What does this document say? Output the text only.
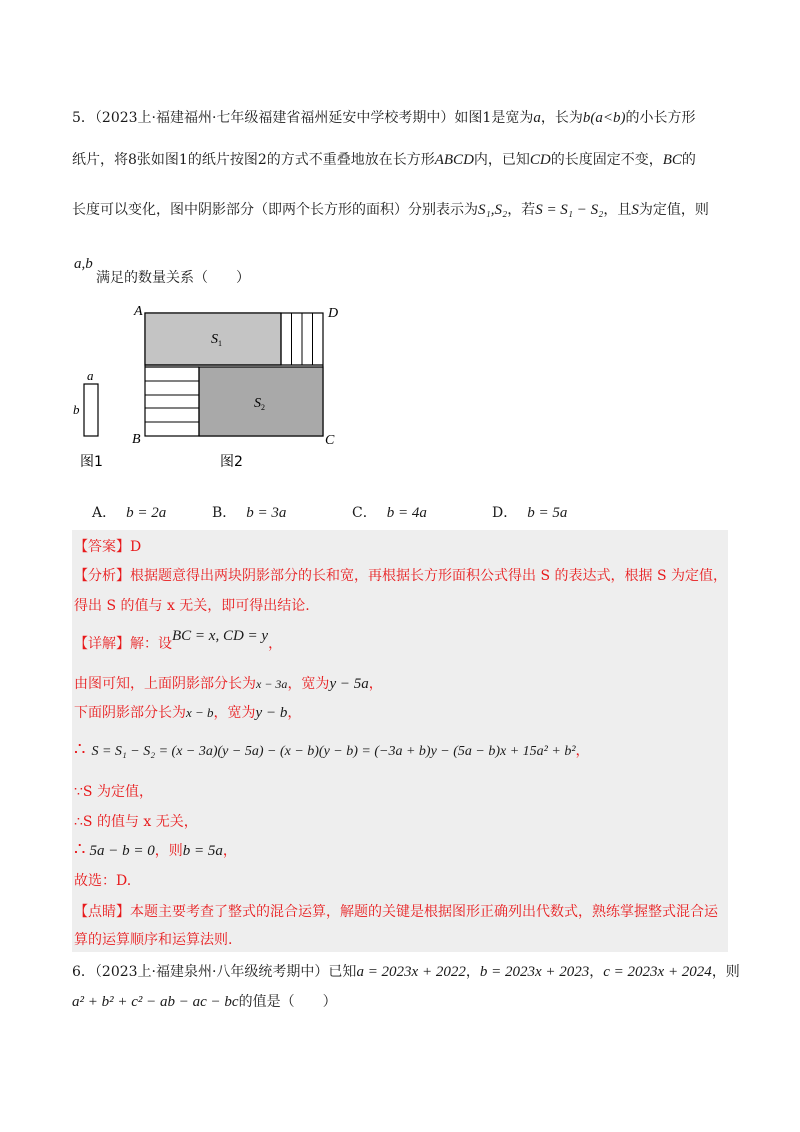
5．（2023上·福建福州·七年级福建省福州延安中学校考期中）如图1是宽为a，长为b(a<b)的小长方形
纸片，将8张如图1的纸片按图2的方式不重叠地放在长方形ABCD内，已知CD的长度固定不变，BC的
长度可以变化，图中阴影部分（即两个长方形的面积）分别表示为S₁,S₂，若S = S₁ − S₂，且S为定值，则
a,b
满足的数量关系（　　）
a
b
图1
$S_1$
$S_2$
A	D
B	C
图2
A． b = 2a	B． b = 3a	C． b = 4a	D． b = 5a
【答案】D
【分析】根据题意得出两块阴影部分的长和宽，再根据长方形面积公式得出 S 的表达式，根据 S 为定值，
得出 S 的值与 x 无关，即可得出结论.
【详解】解：设BC = x, CD = y，
由图可知，上面阴影部分长为x − 3a，宽为y − 5a，
下面阴影部分长为x − b，宽为y − b，
∴ S = S₁ − S₂ = (x − 3a)(y − 5a) − (x − b)(y − b) = (−3a + b)y − (5a − b)x + 15a² + b²，
∵S 为定值，
∴S 的值与 x 无关，
∴ 5a − b = 0，则b = 5a，
故选：D.
【点睛】本题主要考查了整式的混合运算，解题的关键是根据图形正确列出代数式，熟练掌握整式混合运
算的运算顺序和运算法则.
6．（2023上·福建泉州·八年级统考期中）已知a = 2023x + 2022，b = 2023x + 2023，c = 2023x + 2024，则
a² + b² + c² − ab − ac − bc的值是（　　）
